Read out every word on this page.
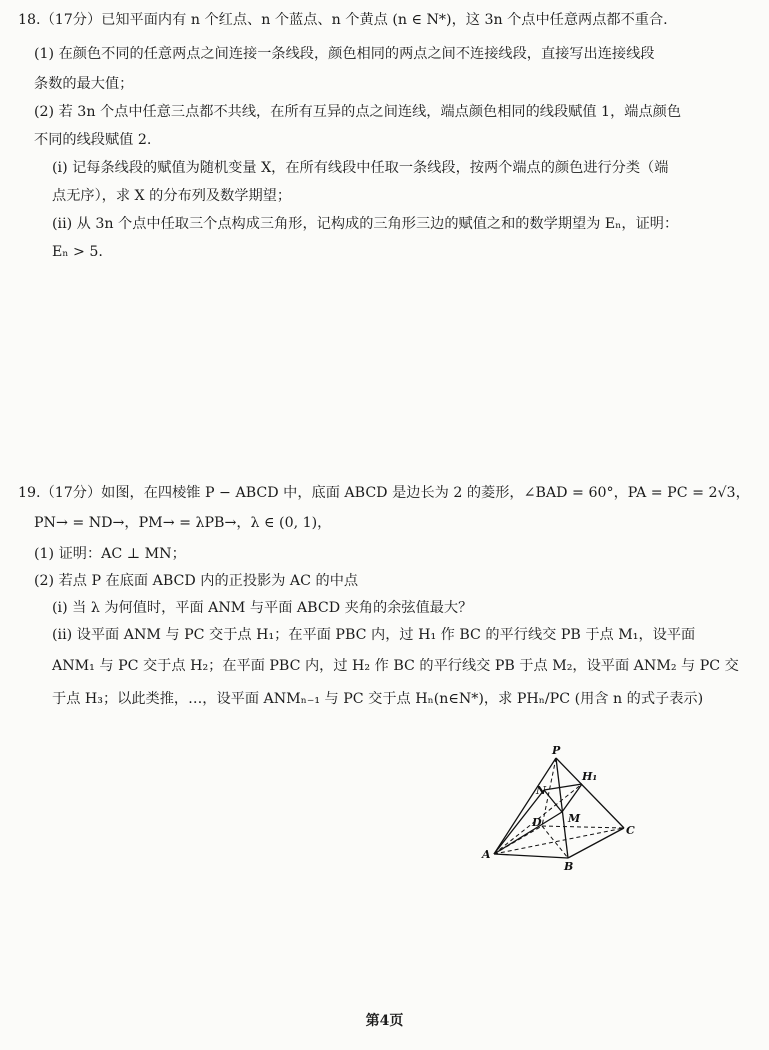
18.（17分）已知平面内有 n 个红点、n 个蓝点、n 个黄点 (n ∈ N*)，这 3n 个点中任意两点都不重合.
(1) 在颜色不同的任意两点之间连接一条线段，颜色相同的两点之间不连接线段，直接写出连接线段
条数的最大值；
(2) 若 3n 个点中任意三点都不共线，在所有互异的点之间连线，端点颜色相同的线段赋值 1，端点颜色
不同的线段赋值 2.
(i) 记每条线段的赋值为随机变量 X，在所有线段中任取一条线段，按两个端点的颜色进行分类（端
点无序），求 X 的分布列及数学期望；
(ii) 从 3n 个点中任取三个点构成三角形，记构成的三角形三边的赋值之和的数学期望为 Eₙ，证明：
Eₙ > 5.
19.（17分）如图，在四棱锥 P − ABCD 中，底面 ABCD 是边长为 2 的菱形，∠BAD = 60°，PA = PC = 2√3，
PN→ = ND→，PM→ = λPB→，λ ∈ (0, 1)，
(1) 证明：AC ⊥ MN；
(2) 若点 P 在底面 ABCD 内的正投影为 AC 的中点
(i) 当 λ 为何值时，平面 ANM 与平面 ABCD 夹角的余弦值最大？
(ii) 设平面 ANM 与 PC 交于点 H₁；在平面 PBC 内，过 H₁ 作 BC 的平行线交 PB 于点 M₁，设平面
ANM₁ 与 PC 交于点 H₂；在平面 PBC 内，过 H₂ 作 BC 的平行线交 PB 于点 M₂，设平面 ANM₂ 与 PC 交
于点 H₃；以此类推，…，设平面 ANMₙ₋₁ 与 PC 交于点 Hₙ(n∈N*)，求 PHₙ/PC (用含 n 的式子表示)
P
H₁
N
D M
C
A
B
第4页
